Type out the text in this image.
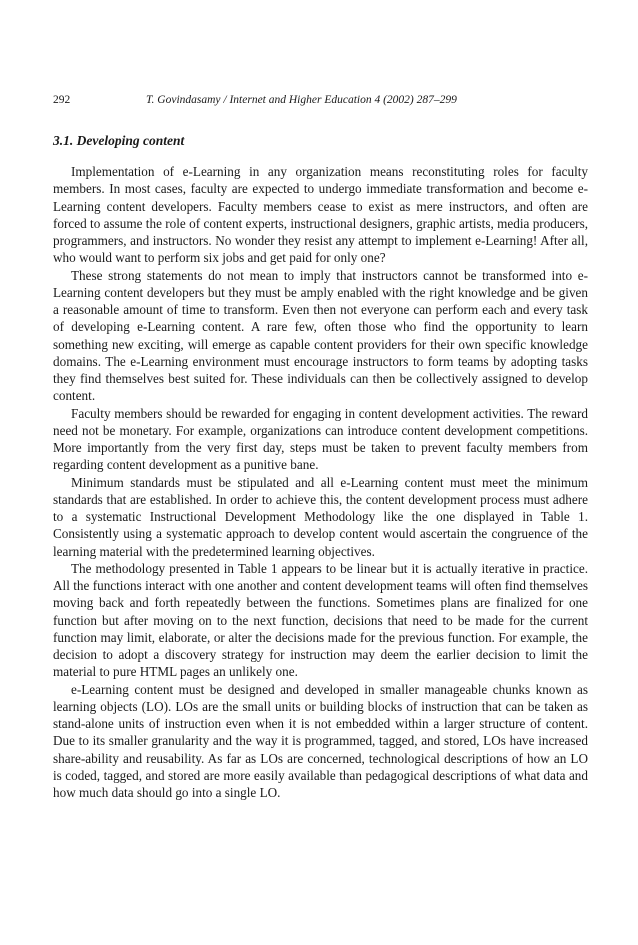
292	T. Govindasamy / Internet and Higher Education 4 (2002) 287–299
3.1. Developing content

Implementation of e-Learning in any organization means reconstituting roles for faculty members. In most cases, faculty are expected to undergo immediate transformation and become e-Learning content developers. Faculty members cease to exist as mere instructors, and often are forced to assume the role of content experts, instructional designers, graphic artists, media producers, programmers, and instructors. No wonder they resist any attempt to implement e-Learning! After all, who would want to perform six jobs and get paid for only one?

These strong statements do not mean to imply that instructors cannot be transformed into e-Learning content developers but they must be amply enabled with the right knowledge and be given a reasonable amount of time to transform. Even then not everyone can perform each and every task of developing e-Learning content. A rare few, often those who find the opportunity to learn something new exciting, will emerge as capable content providers for their own specific knowledge domains. The e-Learning environment must encourage instructors to form teams by adopting tasks they find themselves best suited for. These individuals can then be collectively assigned to develop content.

Faculty members should be rewarded for engaging in content development activities. The reward need not be monetary. For example, organizations can introduce content development competitions. More importantly from the very first day, steps must be taken to prevent faculty members from regarding content development as a punitive bane.

Minimum standards must be stipulated and all e-Learning content must meet the minimum standards that are established. In order to achieve this, the content development process must adhere to a systematic Instructional Development Methodology like the one displayed in Table 1. Consistently using a systematic approach to develop content would ascertain the congruence of the learning material with the predetermined learning objectives.

The methodology presented in Table 1 appears to be linear but it is actually iterative in practice. All the functions interact with one another and content development teams will often find themselves moving back and forth repeatedly between the functions. Sometimes plans are finalized for one function but after moving on to the next function, decisions that need to be made for the current function may limit, elaborate, or alter the decisions made for the previous function. For example, the decision to adopt a discovery strategy for instruction may deem the earlier decision to limit the material to pure HTML pages an unlikely one.

e-Learning content must be designed and developed in smaller manageable chunks known as learning objects (LO). LOs are the small units or building blocks of instruction that can be taken as stand-alone units of instruction even when it is not embedded within a larger structure of content. Due to its smaller granularity and the way it is programmed, tagged, and stored, LOs have increased share-ability and reusability. As far as LOs are concerned, technological descriptions of how an LO is coded, tagged, and stored are more easily available than pedagogical descriptions of what data and how much data should go into a single LO.
